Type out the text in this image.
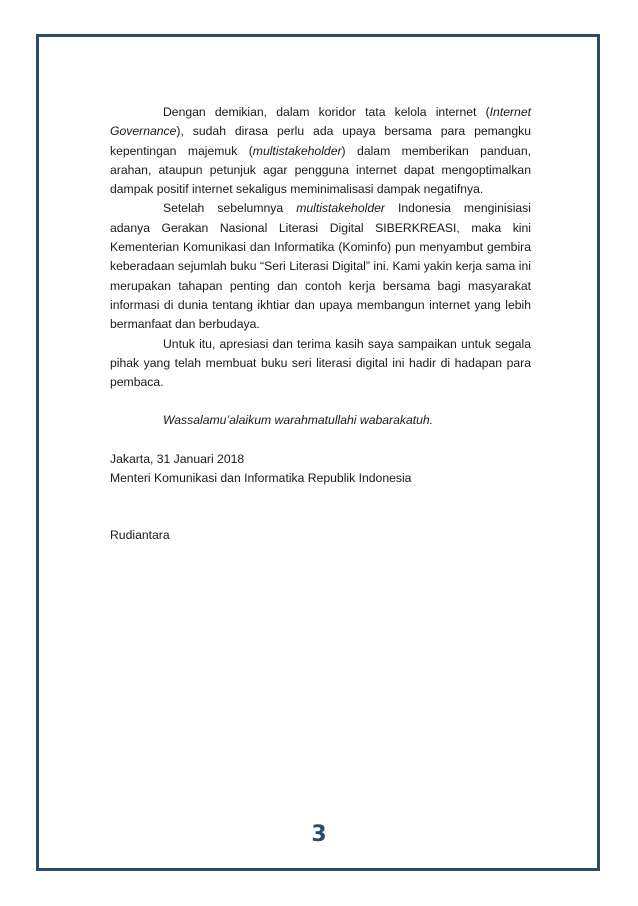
Dengan demikian, dalam koridor tata kelola internet (Internet Governance), sudah dirasa perlu ada upaya bersama para pemangku kepentingan majemuk (multistakeholder) dalam memberikan panduan, arahan, ataupun petunjuk agar pengguna internet dapat mengoptimalkan dampak positif internet sekaligus meminimalisasi dampak negatifnya.

Setelah sebelumnya multistakeholder Indonesia menginisiasi adanya Gerakan Nasional Literasi Digital SIBERKREASI, maka kini Kementerian Komunikasi dan Informatika (Kominfo) pun menyambut gembira keberadaan sejumlah buku “Seri Literasi Digital” ini. Kami yakin kerja sama ini merupakan tahapan penting dan contoh kerja bersama bagi masyarakat informasi di dunia tentang ikhtiar dan upaya membangun internet yang lebih bermanfaat dan berbudaya.

Untuk itu, apresiasi dan terima kasih saya sampaikan untuk segala pihak yang telah membuat buku seri literasi digital ini hadir di hadapan para pembaca.

Wassalamu’alaikum warahmatullahi wabarakatuh.

Jakarta, 31 Januari 2018

Menteri Komunikasi dan Informatika Republik Indonesia

Rudiantara

3
